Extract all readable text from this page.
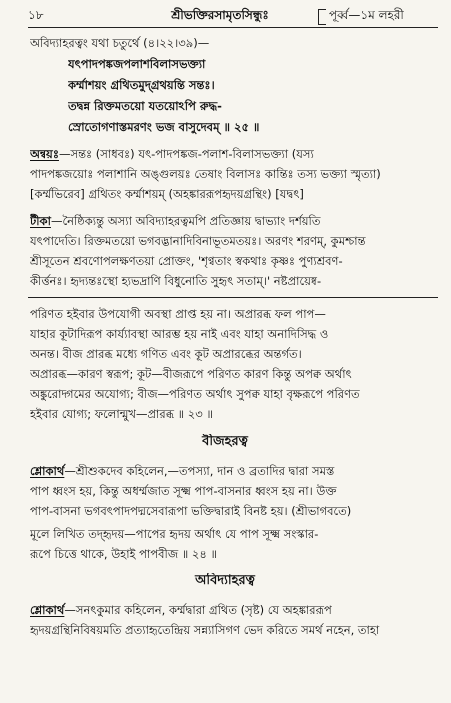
১৮	শ্রীভক্তিরসামৃতসিন্ধুঃ	পূর্ব্ব—১ম লহরী
অবিদ্যাহরত্বং যথা চতুর্থে (৪।২২।৩৯)—
যৎপাদপঙ্কজপলাশবিলাসভক্ত্যা
কর্ম্মাশয়ং গ্রথিতমুদ্গ্রথয়ন্তি সন্তঃ।
তদ্বন্ন রিক্তমতয়ো যতয়োঽপি রুদ্ধ-
স্রোতোগণাস্তমরণং ভজ বাসুদেবম্ ॥ ২৫ ॥
অন্বয়ঃ—সন্তঃ (সাধবঃ) যৎ-পাদপঙ্কজ-পলাশ-বিলাসভক্ত্যা (যস্য
পাদপঙ্কজয়োঃ পলাশানি অঙ্গুলয়ঃ তেষাং বিলাসঃ কান্তিঃ তস্য ভক্ত্যা স্মৃত্যা)
[কর্ম্মভিরেব] গ্রথিতং কর্ম্মাশয়ম্ (অহঙ্কাররূপহৃদয়গ্রন্থিং) [যদ্বৎ]
টীকা—নৈষ্ঠিক্যন্তু অস্যা অবিদ্যাহরত্বমপি প্রতিজ্ঞায় দ্বাভ্যাং দর্শয়তি
যৎপাদেতি। রিক্তমতয়ো ভগবদ্ভানাদিবিনাভূতমতয়ঃ। অরণং শরণম্, কুমশ্চান্ত
শ্রীসূতেন শ্রবণোপলক্ষণতয়া প্রোক্তং, 'শৃণ্বতাং স্বকথাঃ কৃষ্ণঃ পুণ্যশ্রবণ-
কীর্ত্তনঃ। হৃদ্যন্তঃস্থো হ্যভদ্রাণি বিধুনোতি সুহৃৎ সতাম্।' নষ্টপ্রায়েষ্ব-
পরিণত হইবার উপযোগী অবস্থা প্রাপ্ত হয় না। অপ্রারব্ধ ফল পাপ—
যাহার কূটাদিরূপ কার্য্যাবস্থা আরম্ভ হয় নাই এবং যাহা অনাদিসিদ্ধ ও
অনন্ত। বীজ প্রারব্ধ মধ্যে গণিত এবং কূট অপ্রারব্ধের অন্তর্গত।
অপ্রারব্ধ—কারণ স্বরূপ; কূট—বীজরূপে পরিণত কারণ কিন্তু অপক্ব অর্থাৎ
অঙ্কুরোদ্গমের অযোগ্য; বীজ—পরিণত অর্থাৎ সুপক্ব যাহা বৃক্ষরূপে পরিণত
হইবার যোগ্য; ফলোন্মুখ—প্রারব্ধ ॥ ২৩ ॥
বীজহরত্ব
শ্লোকার্থ—শ্রীশুকদেব কহিলেন,—তপস্যা, দান ও ব্রতাদির দ্বারা সমস্ত
পাপ ধ্বংস হয়, কিন্তু অধর্ম্মজাত সূক্ষ্ম পাপ-বাসনার ধ্বংস হয় না। উক্ত
পাপ-বাসনা ভগবৎপাদপদ্মসেবারূপা ভক্তিদ্বারাই বিনষ্ট হয়। (শ্রীভাগবতে)
মূলে লিখিত তদ্হৃদয়—পাপের হৃদয় অর্থাৎ যে পাপ সূক্ষ্ম সংস্কার-
রূপে চিত্তে থাকে, উহাই পাপবীজ ॥ ২৪ ॥
অবিদ্যাহরত্ব
শ্লোকার্থ—সনৎকুমার কহিলেন, কর্ম্মদ্বারা গ্রথিত (সৃষ্ট) যে অহঙ্কাররূপ
হৃদয়গ্রন্থিনিবিষয়মতি প্রত্যাহৃতেন্দ্রিয় সন্ন্যাসিগণ ভেদ করিতে সমর্থ নহেন, তাহা
